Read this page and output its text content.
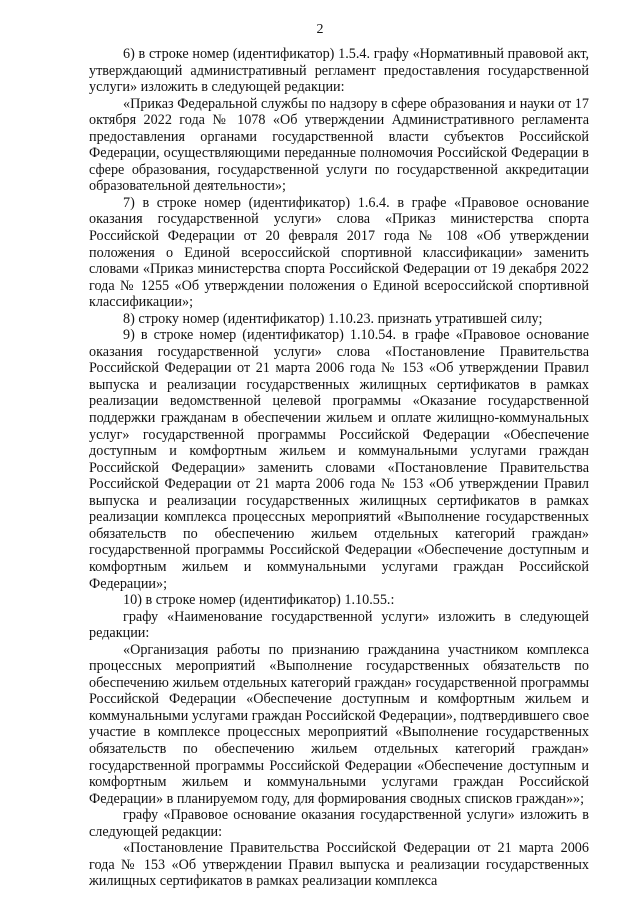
2

6) в строке номер (идентификатор) 1.5.4. графу «Нормативный правовой акт, утверждающий административный регламент предоставления государственной услуги» изложить в следующей редакции:

«Приказ Федеральной службы по надзору в сфере образования и науки от 17 октября 2022 года № 1078 «Об утверждении Административного регламента предоставления органами государственной власти субъектов Российской Федерации, осуществляющими переданные полномочия Российской Федерации в сфере образования, государственной услуги по государственной аккредитации образовательной деятельности»;

7) в строке номер (идентификатор) 1.6.4. в графе «Правовое основание оказания государственной услуги» слова «Приказ министерства спорта Российской Федерации от 20 февраля 2017 года № 108 «Об утверждении положения о Единой всероссийской спортивной классификации» заменить словами «Приказ министерства спорта Российской Федерации от 19 декабря 2022 года № 1255 «Об утверждении положения о Единой всероссийской спортивной классификации»;

8) строку номер (идентификатор) 1.10.23. признать утратившей силу;

9) в строке номер (идентификатор) 1.10.54. в графе «Правовое основание оказания государственной услуги» слова «Постановление Правительства Российской Федерации от 21 марта 2006 года № 153 «Об утверждении Правил выпуска и реализации государственных жилищных сертификатов в рамках реализации ведомственной целевой программы «Оказание государственной поддержки гражданам в обеспечении жильем и оплате жилищно-коммунальных услуг» государственной программы Российской Федерации «Обеспечение доступным и комфортным жильем и коммунальными услугами граждан Российской Федерации» заменить словами «Постановление Правительства Российской Федерации от 21 марта 2006 года № 153 «Об утверждении Правил выпуска и реализации государственных жилищных сертификатов в рамках реализации комплекса процессных мероприятий «Выполнение государственных обязательств по обеспечению жильем отдельных категорий граждан» государственной программы Российской Федерации «Обеспечение доступным и комфортным жильем и коммунальными услугами граждан Российской Федерации»;

10) в строке номер (идентификатор) 1.10.55.:

графу «Наименование государственной услуги» изложить в следующей редакции:

«Организация работы по признанию гражданина участником комплекса процессных мероприятий «Выполнение государственных обязательств по обеспечению жильем отдельных категорий граждан» государственной программы Российской Федерации «Обеспечение доступным и комфортным жильем и коммунальными услугами граждан Российской Федерации», подтвердившего свое участие в комплексе процессных мероприятий «Выполнение государственных обязательств по обеспечению жильем отдельных категорий граждан» государственной программы Российской Федерации «Обеспечение доступным и комфортным жильем и коммунальными услугами граждан Российской Федерации» в планируемом году, для формирования сводных списков граждан»»;

графу «Правовое основание оказания государственной услуги» изложить в следующей редакции:

«Постановление Правительства Российской Федерации от 21 марта 2006 года № 153 «Об утверждении Правил выпуска и реализации государственных жилищных сертификатов в рамках реализации комплекса
